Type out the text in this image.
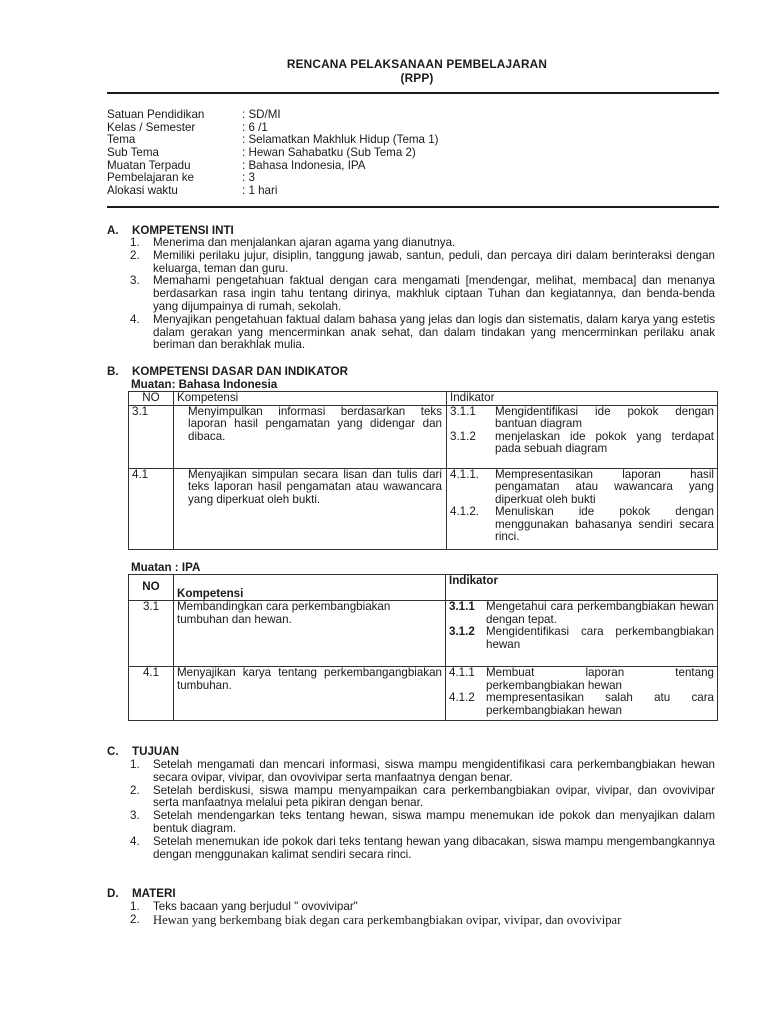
RENCANA PELAKSANAAN PEMBELAJARAN
(RPP)
Satuan Pendidikan	: SD/MI
Kelas / Semester	: 6 /1
Tema	: Selamatkan Makhluk Hidup (Tema 1)
Sub Tema	: Hewan Sahabatku (Sub Tema 2)
Muatan Terpadu	: Bahasa Indonesia, IPA
Pembelajaran ke	: 3
Alokasi waktu	: 1 hari
A. KOMPETENSI INTI
1. Menerima dan menjalankan ajaran agama yang dianutnya.
2. Memiliki perilaku jujur, disiplin, tanggung jawab, santun, peduli, dan percaya diri dalam berinteraksi dengan keluarga, teman dan guru.
3. Memahami pengetahuan faktual dengan cara mengamati [mendengar, melihat, membaca] dan menanya berdasarkan rasa ingin tahu tentang dirinya, makhluk ciptaan Tuhan dan kegiatannya, dan benda-benda yang dijumpainya di rumah, sekolah.
4. Menyajikan pengetahuan faktual dalam bahasa yang jelas dan logis dan sistematis, dalam karya yang estetis dalam gerakan yang mencerminkan anak sehat, dan dalam tindakan yang mencerminkan perilaku anak beriman dan berakhlak mulia.
B. KOMPETENSI DASAR DAN INDIKATOR
Muatan: Bahasa Indonesia
NO	Kompetensi	Indikator
3.1	Menyimpulkan informasi berdasarkan teks laporan hasil pengamatan yang didengar dan dibaca.	3.1.1 Mengidentifikasi ide pokok dengan bantuan diagram
3.1.2 menjelaskan ide pokok yang terdapat pada sebuah diagram

4.1	Menyajikan simpulan secara lisan dan tulis dari teks laporan hasil pengamatan atau wawancara yang diperkuat oleh bukti.	4.1.1. Mempresentasikan laporan hasil pengamatan atau wawancara yang diperkuat oleh bukti
4.1.2. Menuliskan ide pokok dengan menggunakan bahasanya sendiri secara rinci.
Muatan : IPA
NO	Kompetensi	Indikator
3.1	Membandingkan cara perkembangbiakan tumbuhan dan hewan.	3.1.1 Mengetahui cara perkembangbiakan hewan dengan tepat.
3.1.2 Mengidentifikasi cara perkembangbiakan hewan

4.1	Menyajikan karya tentang perkembangangbiakan tumbuhan.	4.1.1 Membuat laporan tentang perkembangbiakan hewan
4.1.2 mempresentasikan salah atu cara perkembangbiakan hewan
C. TUJUAN
1. Setelah mengamati dan mencari informasi, siswa mampu mengidentifikasi cara perkembangbiakan hewan secara ovipar, vivipar, dan ovovivipar serta manfaatnya dengan benar.
2. Setelah berdiskusi, siswa mampu menyampaikan cara perkembangbiakan ovipar, vivipar, dan ovovivipar serta manfaatnya melalui peta pikiran dengan benar.
3. Setelah mendengarkan teks tentang hewan, siswa mampu menemukan ide pokok dan menyajikan dalam bentuk diagram.
4. Setelah menemukan ide pokok dari teks tentang hewan yang dibacakan, siswa mampu mengembangkannya dengan menggunakan kalimat sendiri secara rinci.
D. MATERI
1. Teks bacaan yang berjudul " ovovivipar"
2. Hewan yang berkembang biak degan cara perkembangbiakan ovipar, vivipar, dan ovovivipar
